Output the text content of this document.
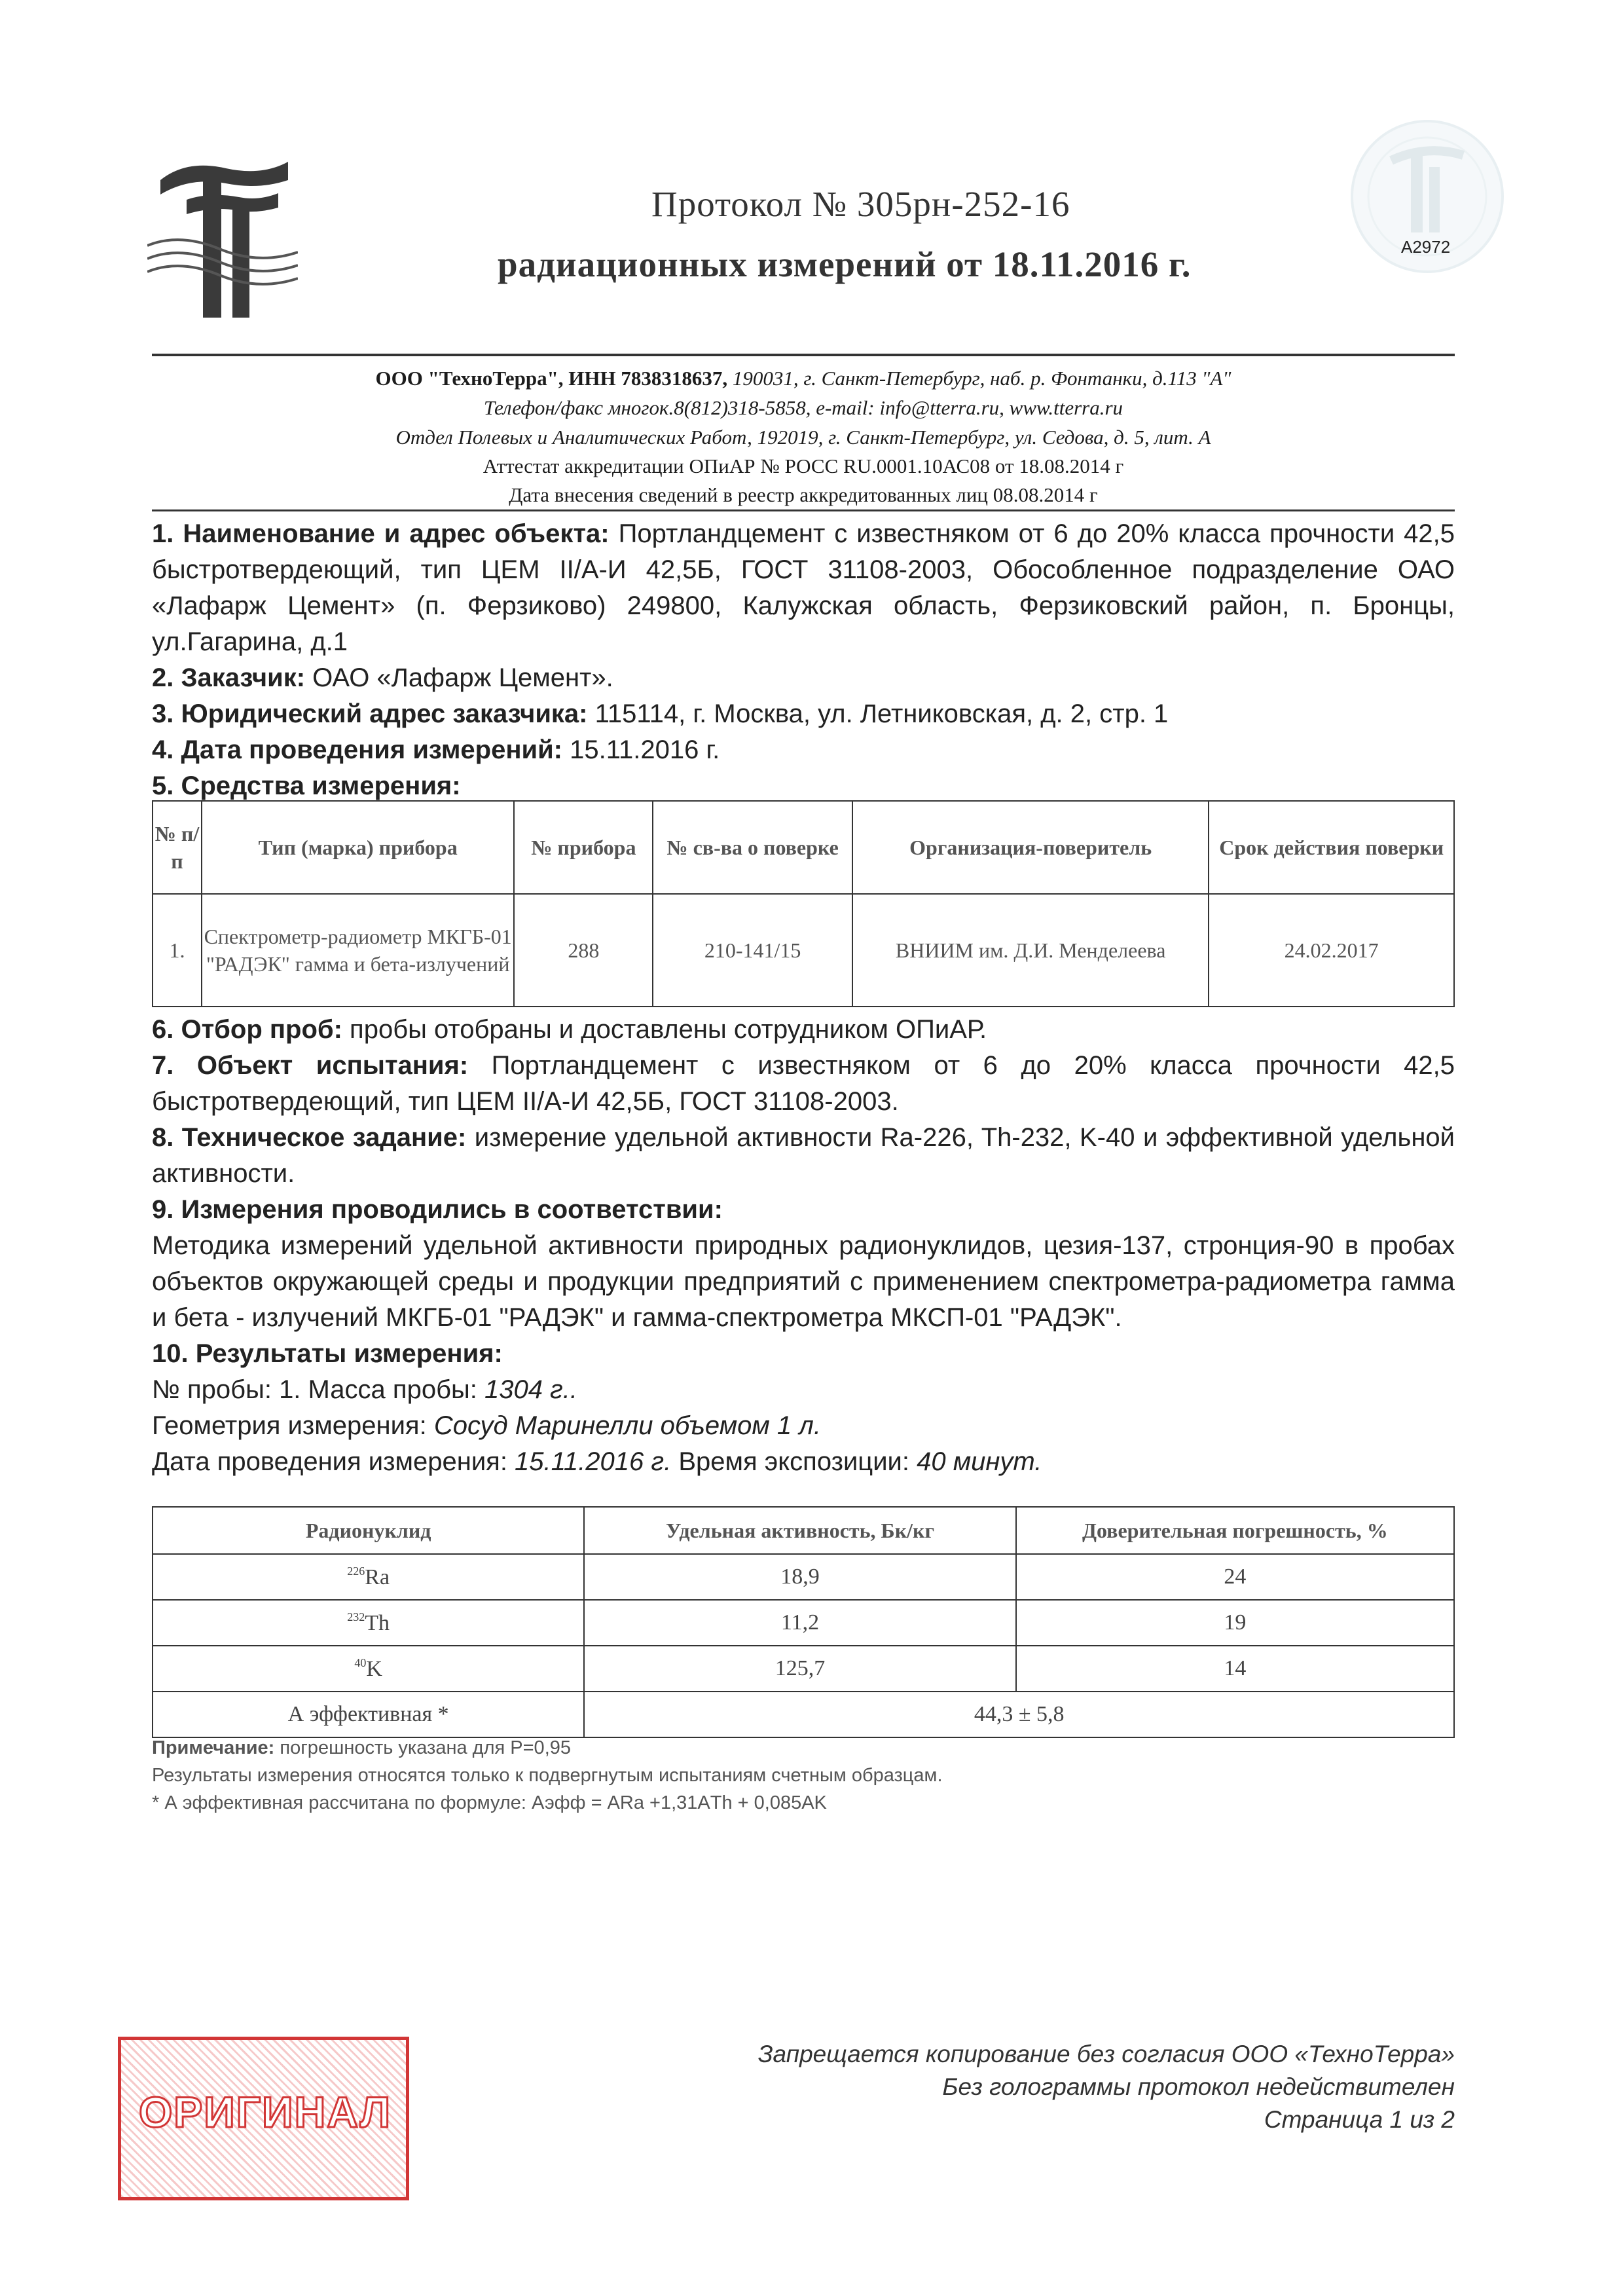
A2972
Протокол № 305рн-252-16
радиационных измерений от 18.11.2016 г.
ООО "ТехноТерра", ИНН 7838318637, 190031, г. Санкт-Петербург, наб. р. Фонтанки, д.113 "А"
Телефон/факс многок.8(812)318-5858, e-mail: info@tterra.ru, www.tterra.ru
Отдел Полевых и Аналитических Работ, 192019, г. Санкт-Петербург, ул. Седова, д. 5, лит. А
Аттестат аккредитации ОПиАР № РОСС RU.0001.10АС08 от 18.08.2014 г
Дата внесения сведений в реестр аккредитованных лиц 08.08.2014 г

1. Наименование и адрес объекта: Портландцемент с известняком от 6 до 20% класса прочности 42,5 быстротвердеющий, тип ЦЕМ II/А-И 42,5Б, ГОСТ 31108-2003, Обособленное подразделение ОАО «Лафарж Цемент» (п. Ферзиково) 249800, Калужская область, Ферзиковский район, п. Бронцы, ул.Гагарина, д.1

2. Заказчик: ОАО «Лафарж Цемент».

3. Юридический адрес заказчика: 115114, г. Москва, ул. Летниковская, д. 2, стр. 1

4. Дата проведения измерений: 15.11.2016 г.

5. Средства измерения:

№ п/п	Тип (марка) прибора	№ прибора	№ св-ва о поверке	Организация-поверитель	Срок действия поверки
1.	Спектрометр-радиометр МКГБ-01 "РАДЭК" гамма и бета-излучений	288	210-141/15	ВНИИМ им. Д.И. Менделеева	24.02.2017

6. Отбор проб: пробы отобраны и доставлены сотрудником ОПиАР.

7. Объект испытания: Портландцемент с известняком от 6 до 20% класса прочности 42,5 быстротвердеющий, тип ЦЕМ II/А-И 42,5Б, ГОСТ 31108-2003.

8. Техническое задание: измерение удельной активности Ra-226, Th-232, K-40 и эффективной удельной активности.

9. Измерения проводились в соответствии:

Методика измерений удельной активности природных радионуклидов, цезия-137, стронция-90 в пробах объектов окружающей среды и продукции предприятий с применением спектрометра-радиометра гамма и бета - излучений МКГБ-01 "РАДЭК" и гамма-спектрометра МКСП-01 "РАДЭК".

10. Результаты измерения:

№ пробы: 1. Масса пробы: 1304 г..

Геометрия измерения: Сосуд Маринелли объемом 1 л.

Дата проведения измерения: 15.11.2016 г. Время экспозиции: 40 минут.

Радионуклид	Удельная активность, Бк/кг	Доверительная погрешность, %
$^{226}$Ra	18,9	24
$^{232}$Th	11,2	19
$^{40}$K	125,7	14
А эффективная *	44,3 ± 5,8	
Примечание: погрешность указана для Р=0,95
Результаты измерения относятся только к подвергнутым испытаниям счетным образцам.
* А эффективная рассчитана по формуле: Аэфф = АRa +1,31АTh + 0,085АK
ОРИГИНАЛ
Запрещается копирование без согласия ООО «ТехноТерра»
Без голограммы протокол недействителен
Страница 1 из 2
